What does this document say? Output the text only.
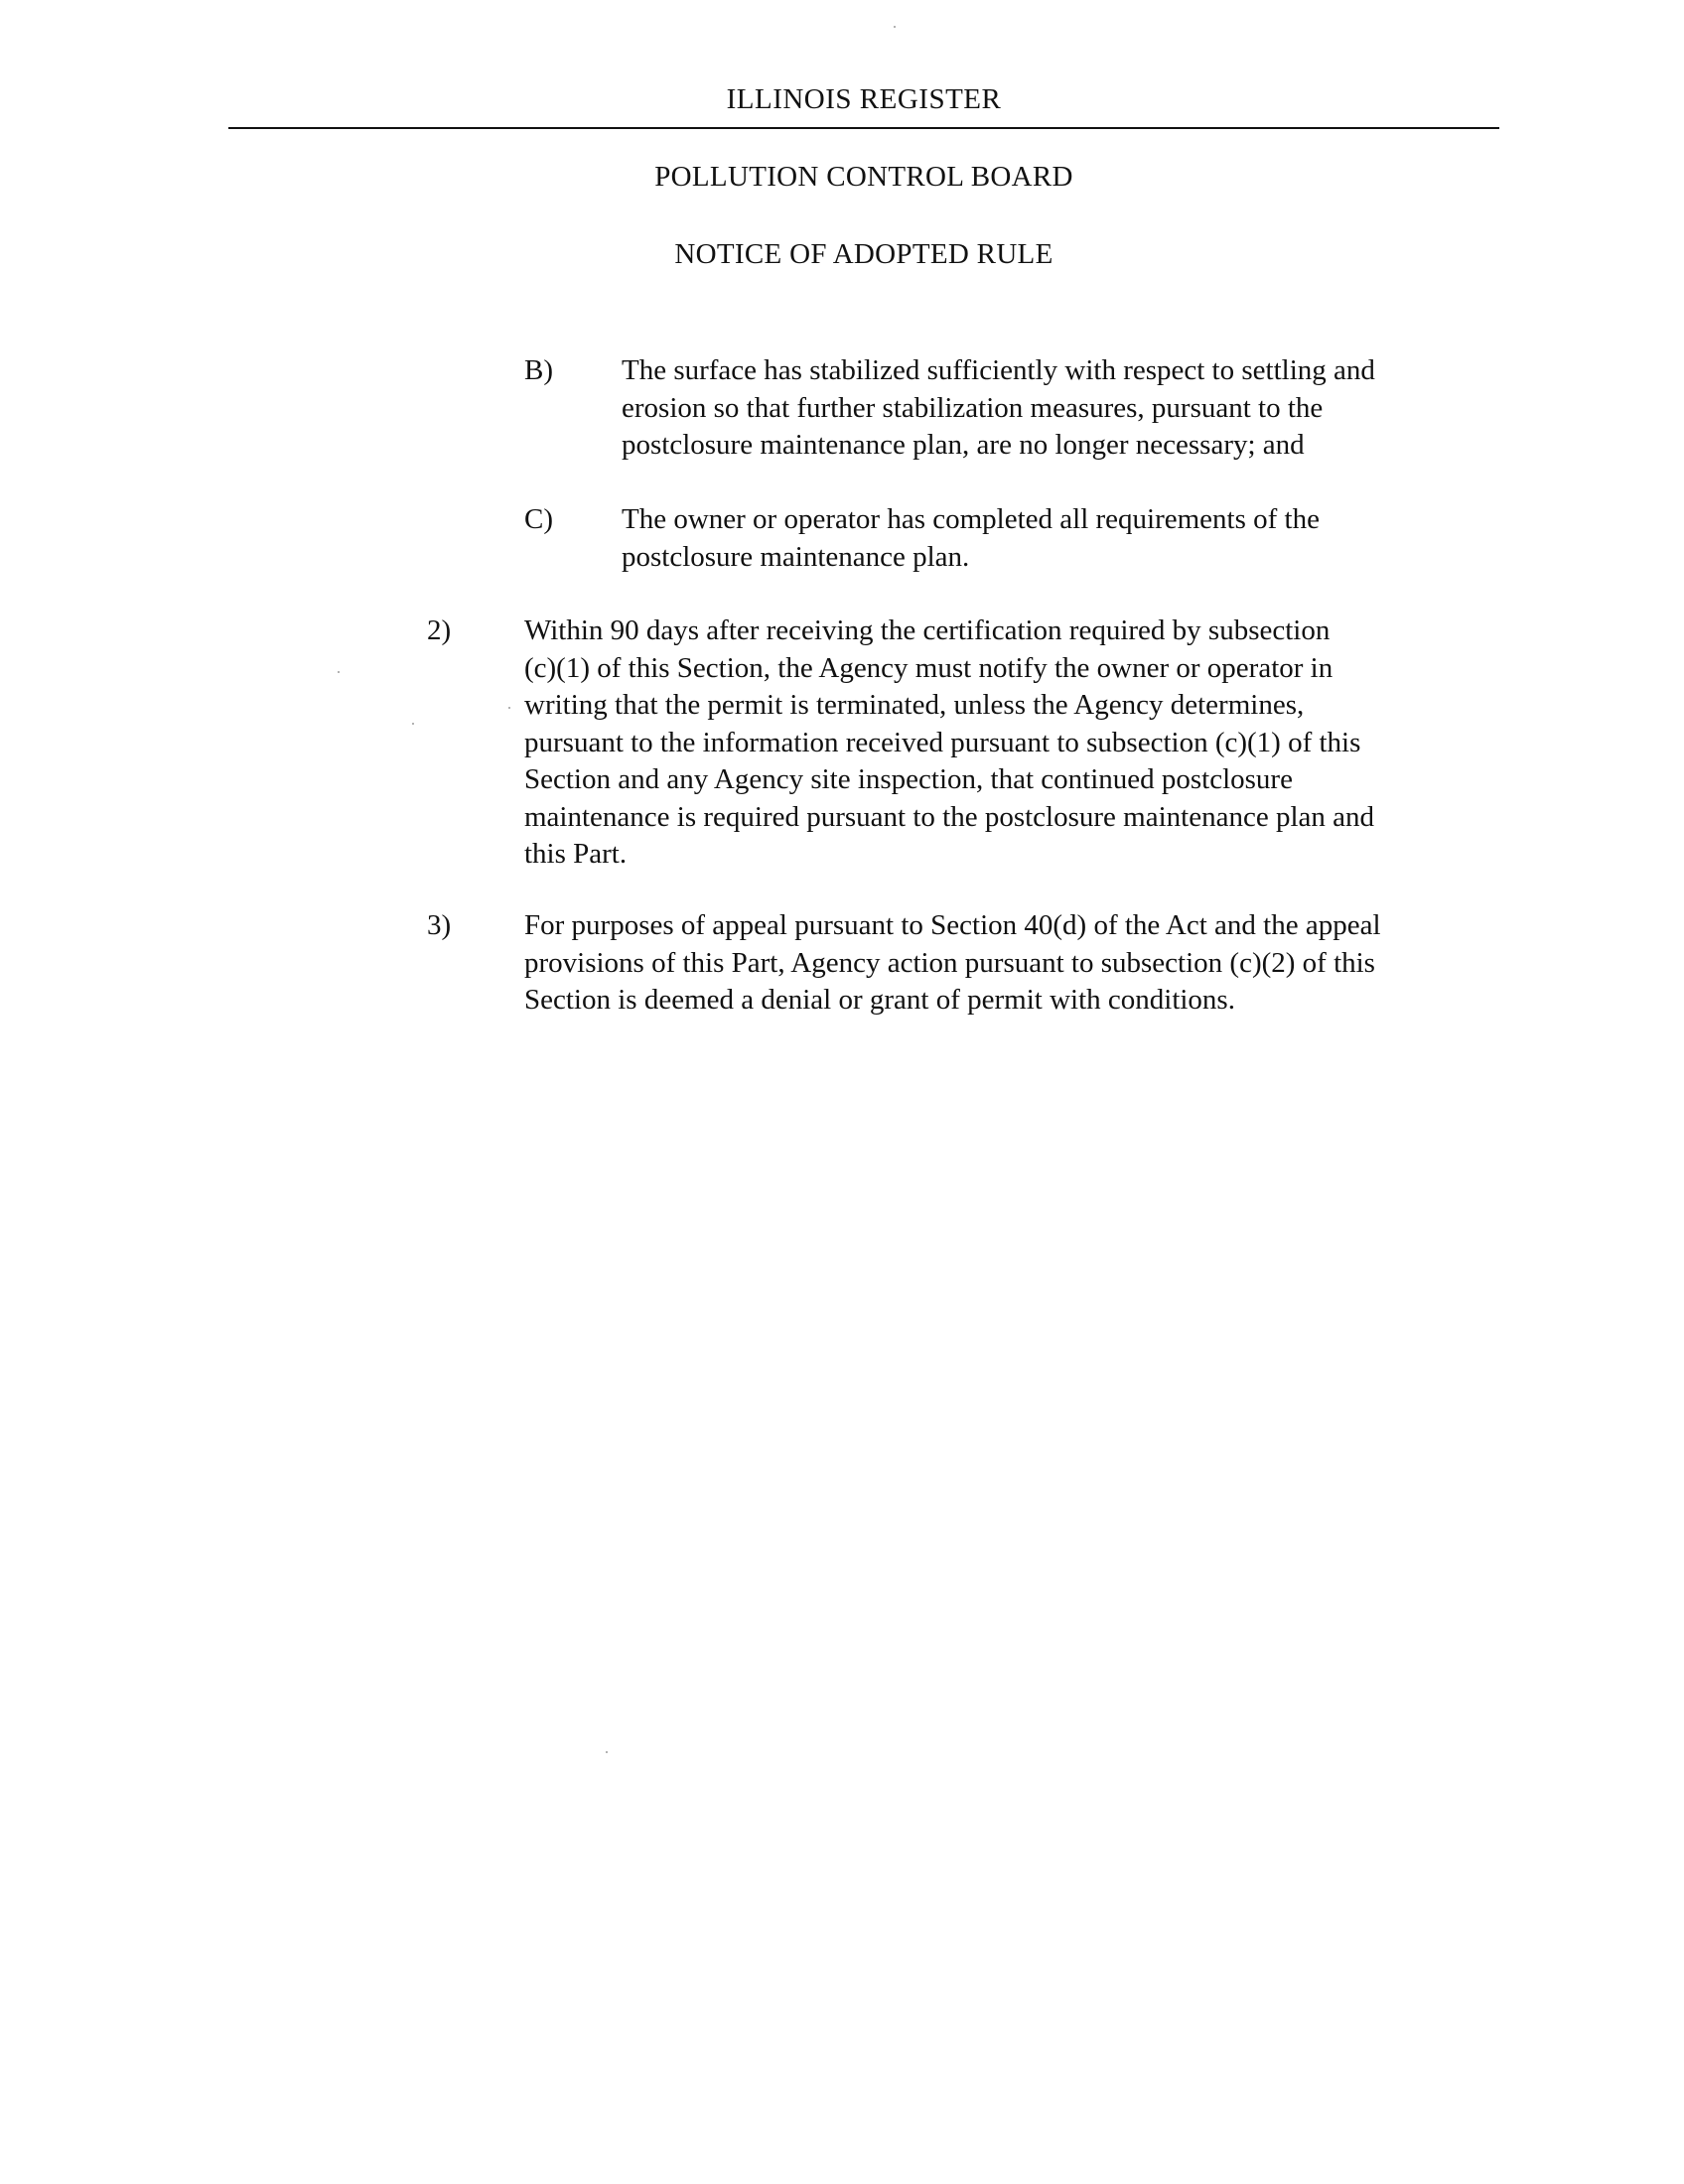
ILLINOIS REGISTER
POLLUTION CONTROL BOARD
NOTICE OF ADOPTED RULE
B) The surface has stabilized sufficiently with respect to settling and
erosion so that further stabilization measures, pursuant to the
postclosure maintenance plan, are no longer necessary; and
C) The owner or operator has completed all requirements of the
postclosure maintenance plan.
2)	Within 90 days after receiving the certification required by subsection
(c)(1) of this Section, the Agency must notify the owner or operator in
writing that the permit is terminated, unless the Agency determines,
pursuant to the information received pursuant to subsection (c)(1) of this
Section and any Agency site inspection, that continued postclosure
maintenance is required pursuant to the postclosure maintenance plan and
this Part.
3)	For purposes of appeal pursuant to Section 40(d) of the Act and the appeal
provisions of this Part, Agency action pursuant to subsection (c)(2) of this
Section is deemed a denial or grant of permit with conditions.
